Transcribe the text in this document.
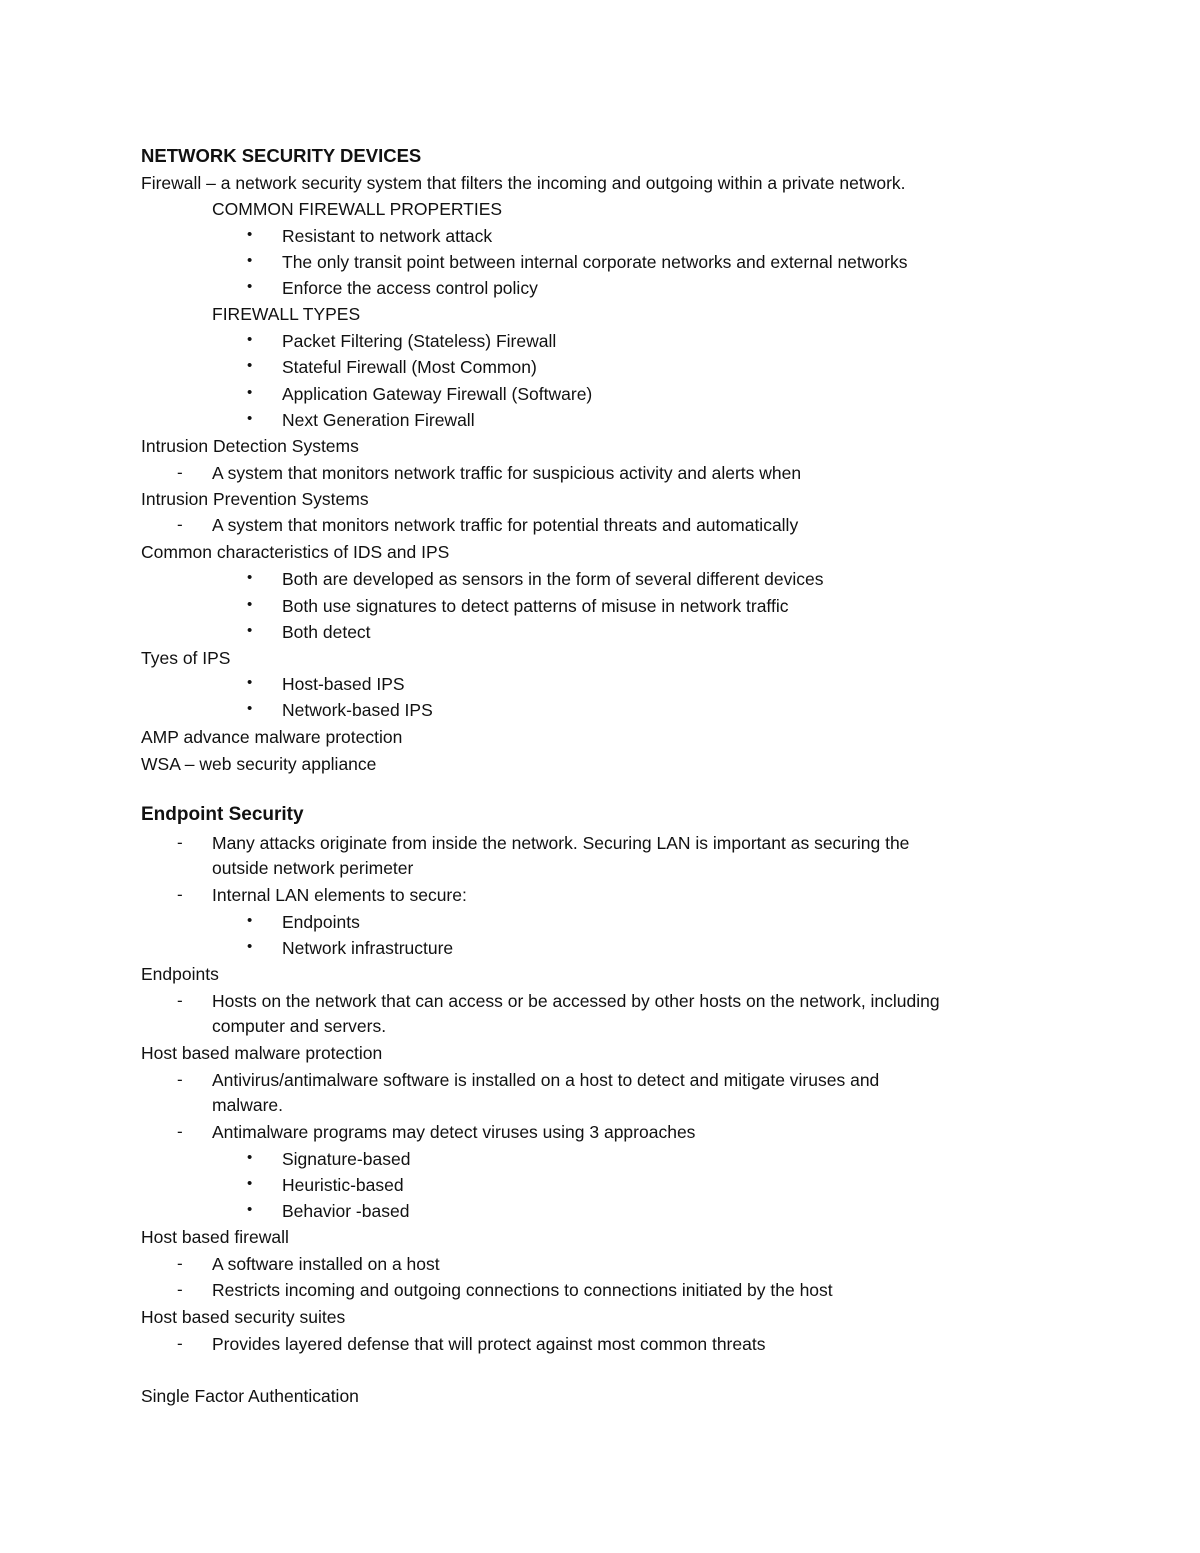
NETWORK SECURITY DEVICES
Firewall – a network security system that filters the incoming and outgoing within a private network.
COMMON FIREWALL PROPERTIES
• Resistant to network attack
• The only transit point between internal corporate networks and external networks
• Enforce the access control policy
FIREWALL TYPES
• Packet Filtering (Stateless) Firewall
• Stateful Firewall (Most Common)
• Application Gateway Firewall (Software)
• Next Generation Firewall
Intrusion Detection Systems
- A system that monitors network traffic for suspicious activity and alerts when
Intrusion Prevention Systems
- A system that monitors network traffic for potential threats and automatically
Common characteristics of IDS and IPS
• Both are developed as sensors in the form of several different devices
• Both use signatures to detect patterns of misuse in network traffic
• Both detect
Tyes of IPS
• Host-based IPS
• Network-based IPS
AMP advance malware protection
WSA – web security appliance
Endpoint Security
- Many attacks originate from inside the network. Securing LAN is important as securing the
outside network perimeter
- Internal LAN elements to secure:
• Endpoints
• Network infrastructure
Endpoints
- Hosts on the network that can access or be accessed by other hosts on the network, including
computer and servers.
Host based malware protection
- Antivirus/antimalware software is installed on a host to detect and mitigate viruses and
malware.
- Antimalware programs may detect viruses using 3 approaches
• Signature-based
• Heuristic-based
• Behavior -based
Host based firewall
- A software installed on a host
- Restricts incoming and outgoing connections to connections initiated by the host
Host based security suites
- Provides layered defense that will protect against most common threats
Single Factor Authentication
